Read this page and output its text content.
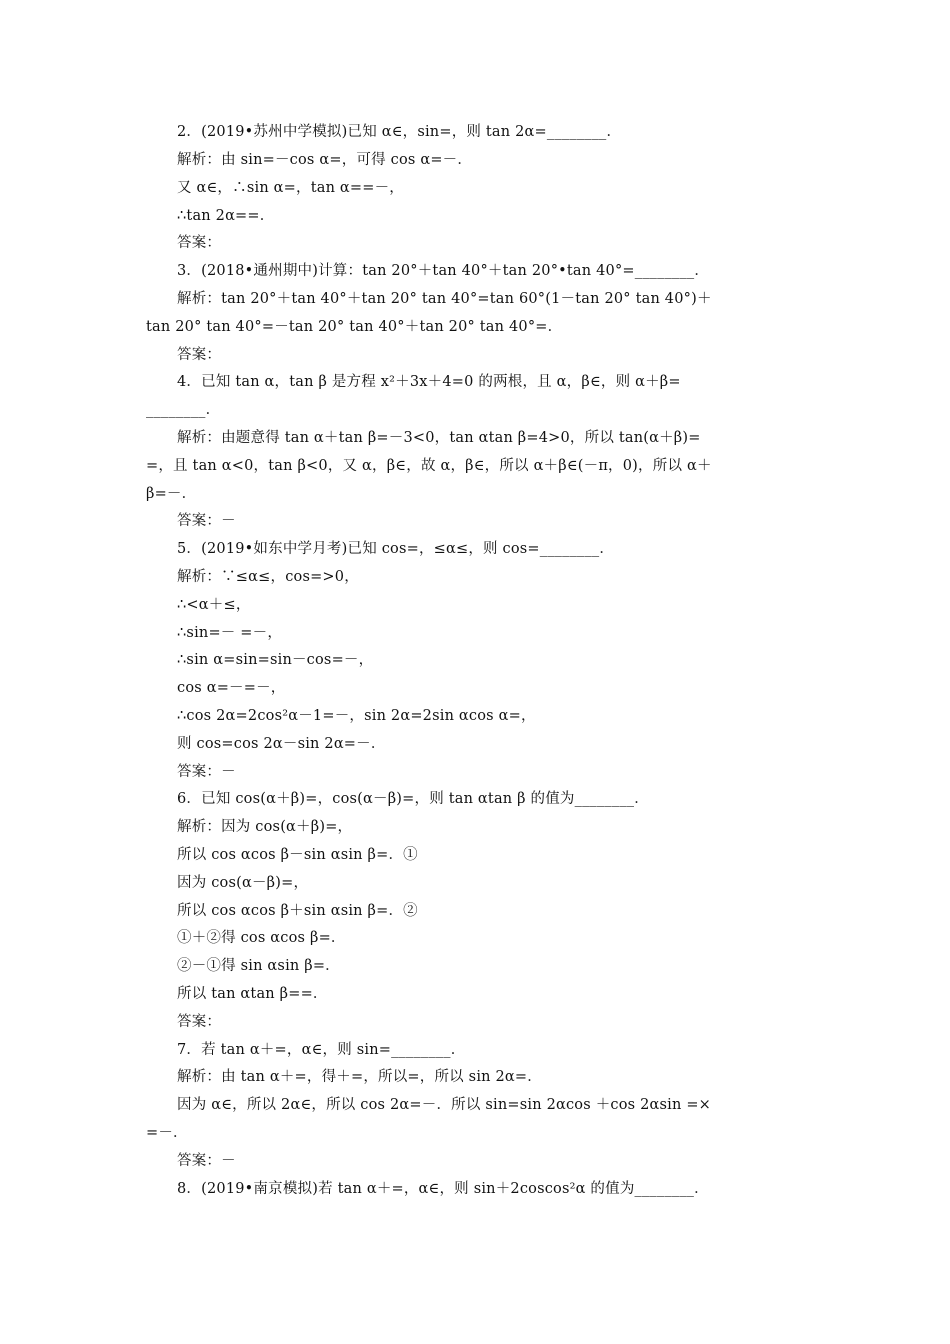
2．(2019•苏州中学模拟)已知 α∈，sin=，则 tan 2α=________．
解析：由 sin=－cos α=，可得 cos α=－．
又 α∈，∴sin α=，tan α==－，
∴tan 2α==．
答案：
3．(2018•通州期中)计算：tan 20°＋tan 40°＋tan 20°•tan 40°=________．
解析：tan 20°＋tan 40°＋tan 20° tan 40°=tan 60°(1－tan 20° tan 40°)＋
tan 20° tan 40°=－tan 20° tan 40°＋tan 20° tan 40°=．
答案：
4．已知 tan α，tan β 是方程 x²＋3x＋4=0 的两根，且 α，β∈，则 α＋β=
________．
解析：由题意得 tan α＋tan β=－3<0，tan αtan β=4>0，所以 tan(α＋β)=
=，且 tan α<0，tan β<0，又 α，β∈，故 α，β∈，所以 α＋β∈(－π，0)，所以 α＋
β=－．
答案：－
5．(2019•如东中学月考)已知 cos=，≤α≤，则 cos=________．
解析：∵≤α≤，cos=>0，
∴<α＋≤，
∴sin=－ =－，
∴sin α=sin=sin－cos=－，
cos α=－=－，
∴cos 2α=2cos²α－1=－，sin 2α=2sin αcos α=，
则 cos=cos 2α－sin 2α=－．
答案：－
6．已知 cos(α＋β)=，cos(α－β)=，则 tan αtan β 的值为________．
解析：因为 cos(α＋β)=，
所以 cos αcos β－sin αsin β=．①
因为 cos(α－β)=，
所以 cos αcos β＋sin αsin β=．②
①＋②得 cos αcos β=．
②－①得 sin αsin β=．
所以 tan αtan β==．
答案：
7．若 tan α＋=，α∈，则 sin=________．
解析：由 tan α＋=，得＋=，所以=，所以 sin 2α=．
因为 α∈，所以 2α∈，所以 cos 2α=－．所以 sin=sin 2αcos ＋cos 2αsin =×
=－．
答案：－
8．(2019•南京模拟)若 tan α＋=，α∈，则 sin＋2coscos²α 的值为________．
